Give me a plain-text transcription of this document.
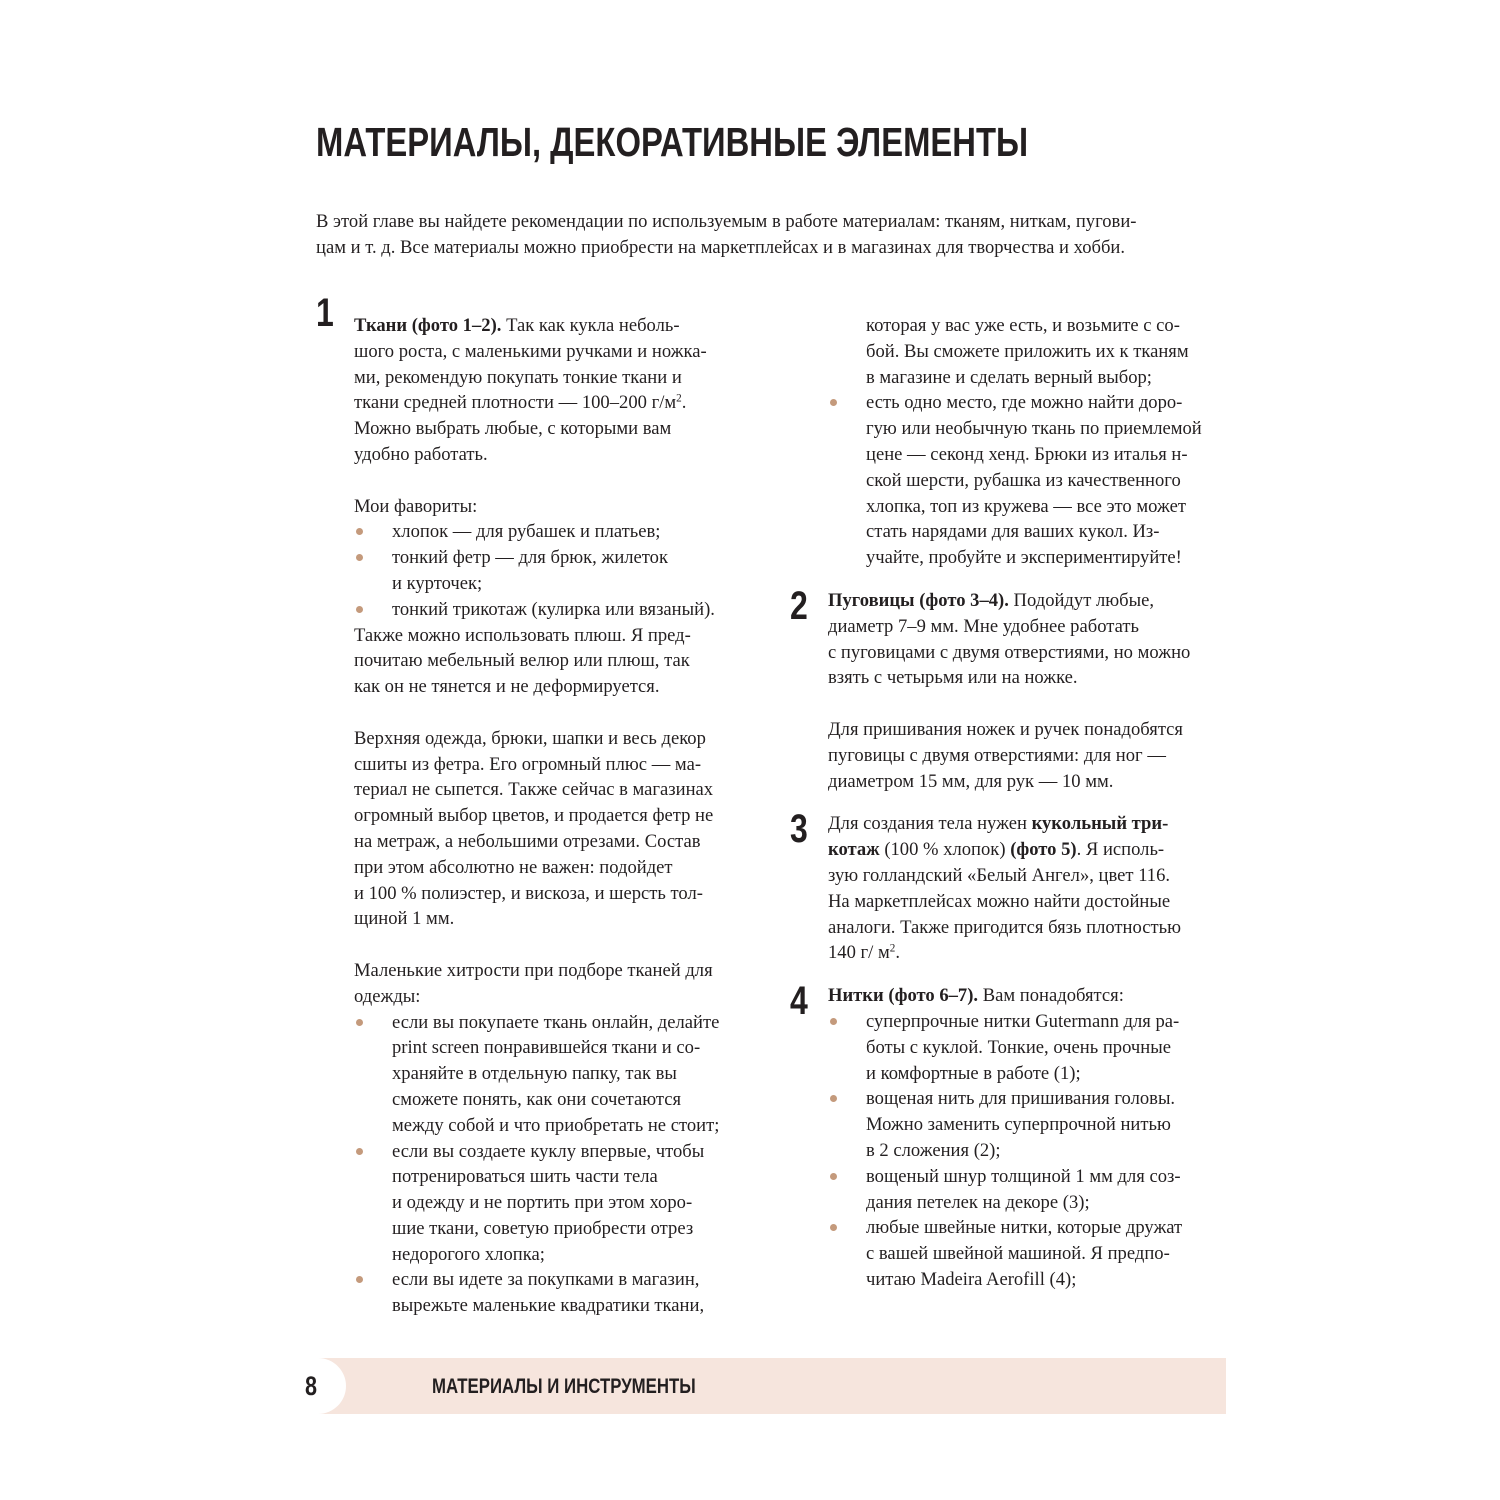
МАТЕРИАЛЫ, ДЕКОРАТИВНЫЕ ЭЛЕМЕНТЫ
В этой главе вы найдете рекомендации по используемым в работе материалам: тканям, ниткам, пугови-
цам и т. д. Все материалы можно приобрести на маркетплейсах и в магазинах для творчества и хобби.
1 Ткани (фото 1–2). Так как кукла неболь-
шого роста, с маленькими ручками и ножка-
ми, рекомендую покупать тонкие ткани и
ткани средней плотности — 100–200 $г/м^2$.
Можно выбрать любые, с которыми вам
удобно работать.
Мои фавориты:
хлопок — для рубашек и платьев;
тонкий фетр — для брюк, жилеток
и курточек;
тонкий трикотаж (кулирка или вязаный).
Также можно использовать плюш. Я пред-
почитаю мебельный велюр или плюш, так
как он не тянется и не деформируется.
Верхняя одежда, брюки, шапки и весь декор
сшиты из фетра. Его огромный плюс — ма-
териал не сыпется. Также сейчас в магазинах
огромный выбор цветов, и продается фетр не
на метраж, а небольшими отрезами. Состав
при этом абсолютно не важен: подойдет
и 100 % полиэстер, и вискоза, и шерсть тол-
щиной 1 мм.
Маленькие хитрости при подборе тканей для
одежды:
если вы покупаете ткань онлайн, делайте
print screen понравившейся ткани и со-
храняйте в отдельную папку, так вы
сможете понять, как они сочетаются
между собой и что приобретать не стоит;
если вы создаете куклу впервые, чтобы
потренироваться шить части тела
и одежду и не портить при этом хоро-
шие ткани, советую приобрести отрез
недорогого хлопка;
если вы идете за покупками в магазин,
вырежьте маленькие квадратики ткани,
которая у вас уже есть, и возьмите с со-
бой. Вы сможете приложить их к тканям
в магазине и сделать верный выбор;
есть одно место, где можно найти доро-
гую или необычную ткань по приемлемой
цене — секонд хенд. Брюки из италья н-
ской шерсти, рубашка из качественного
хлопка, топ из кружева — все это может
стать нарядами для ваших кукол. Из-
учайте, пробуйте и экспериментируйте!
2 Пуговицы (фото 3–4). Подойдут любые,
диаметр 7–9 мм. Мне удобнее работать
с пуговицами с двумя отверстиями, но можно
взять с четырьмя или на ножке.
Для пришивания ножек и ручек понадобятся
пуговицы с двумя отверстиями: для ног —
диаметром 15 мм, для рук — 10 мм.
3 Для создания тела нужен кукольный три-
котаж (100 % хлопок) (фото 5). Я исполь-
зую голландский «Белый Ангел», цвет 116.
На маркетплейсах можно найти достойные
аналоги. Также пригодится бязь плотностью
140 г/ $м^2$.
4 Нитки (фото 6–7). Вам понадобятся:
суперпрочные нитки Gutermann для ра-
боты с куклой. Тонкие, очень прочные
и комфортные в работе (1);
вощеная нить для пришивания головы.
Можно заменить суперпрочной нитью
в 2 сложения (2);
вощеный шнур толщиной 1 мм для соз-
дания петелек на декоре (3);
любые швейные нитки, которые дружат
с вашей швейной машиной. Я предпо-
читаю Madeira Aerofill (4);
8	МАТЕРИАЛЫ И ИНСТРУМЕНТЫ
